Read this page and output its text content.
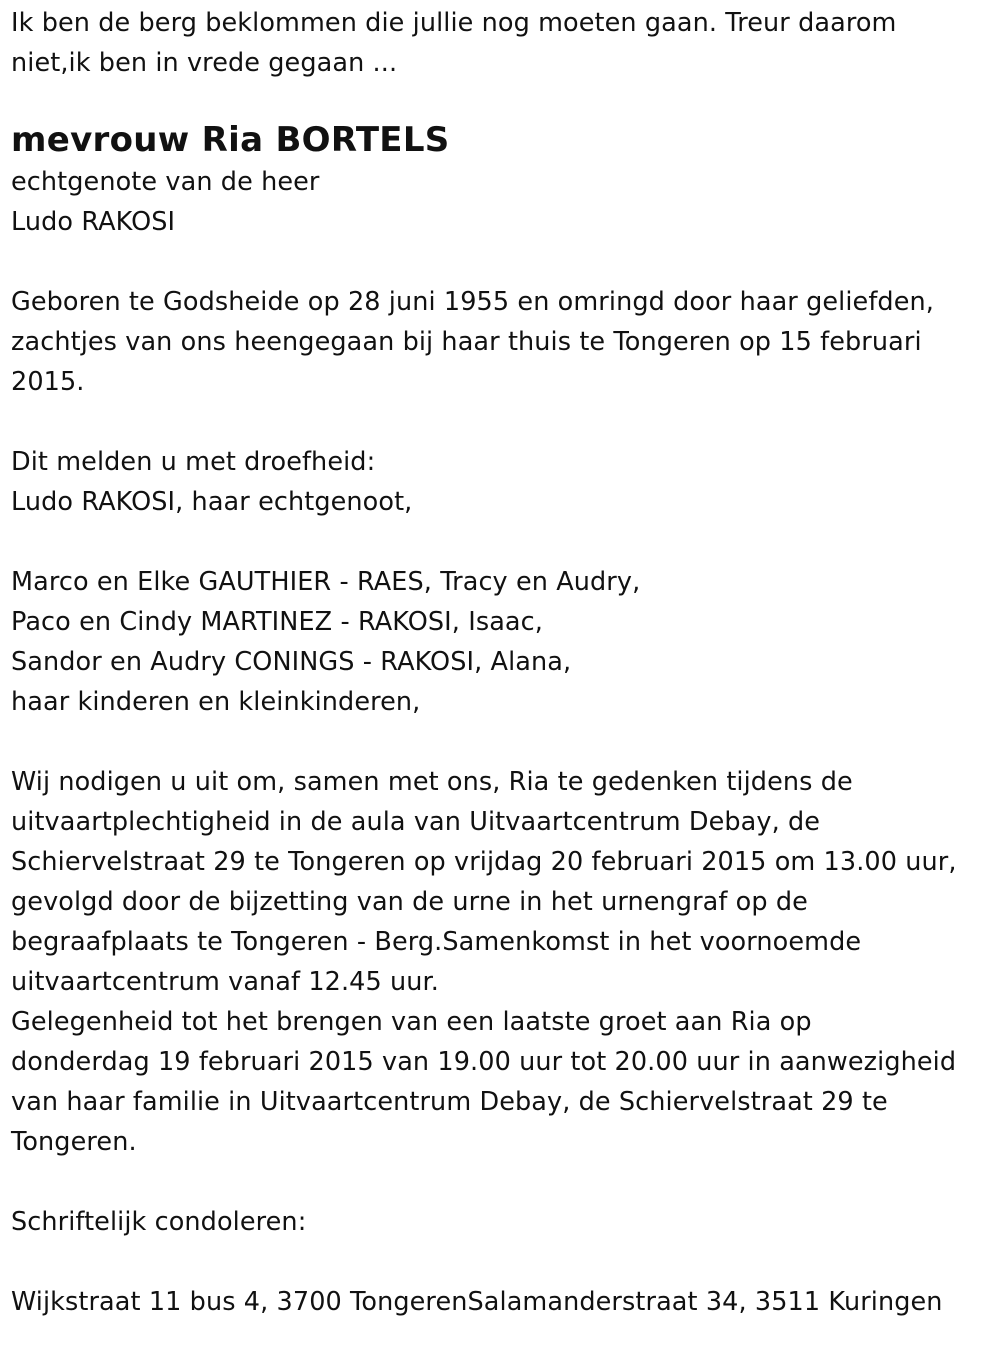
Ik ben de berg beklommen die jullie nog moeten gaan. Treur daarom
niet,ik ben in vrede gegaan ...
mevrouw Ria BORTELS
echtgenote van de heer
Ludo RAKOSI
Geboren te Godsheide op 28 juni 1955 en omringd door haar geliefden,
zachtjes van ons heengegaan bij haar thuis te Tongeren op 15 februari
2015.
Dit melden u met droefheid:
Ludo RAKOSI, haar echtgenoot,
Marco en Elke GAUTHIER - RAES, Tracy en Audry,
Paco en Cindy MARTINEZ - RAKOSI, Isaac,
Sandor en Audry CONINGS - RAKOSI, Alana,
haar kinderen en kleinkinderen,
Wij nodigen u uit om, samen met ons, Ria te gedenken tijdens de
uitvaartplechtigheid in de aula van Uitvaartcentrum Debay, de
Schiervelstraat 29 te Tongeren op vrijdag 20 februari 2015 om 13.00 uur,
gevolgd door de bijzetting van de urne in het urnengraf op de
begraafplaats te Tongeren - Berg.Samenkomst in het voornoemde
uitvaartcentrum vanaf 12.45 uur.
Gelegenheid tot het brengen van een laatste groet aan Ria op
donderdag 19 februari 2015 van 19.00 uur tot 20.00 uur in aanwezigheid
van haar familie in Uitvaartcentrum Debay, de Schiervelstraat 29 te
Tongeren.
Schriftelijk condoleren:
Wijkstraat 11 bus 4, 3700 TongerenSalamanderstraat 34, 3511 Kuringen
